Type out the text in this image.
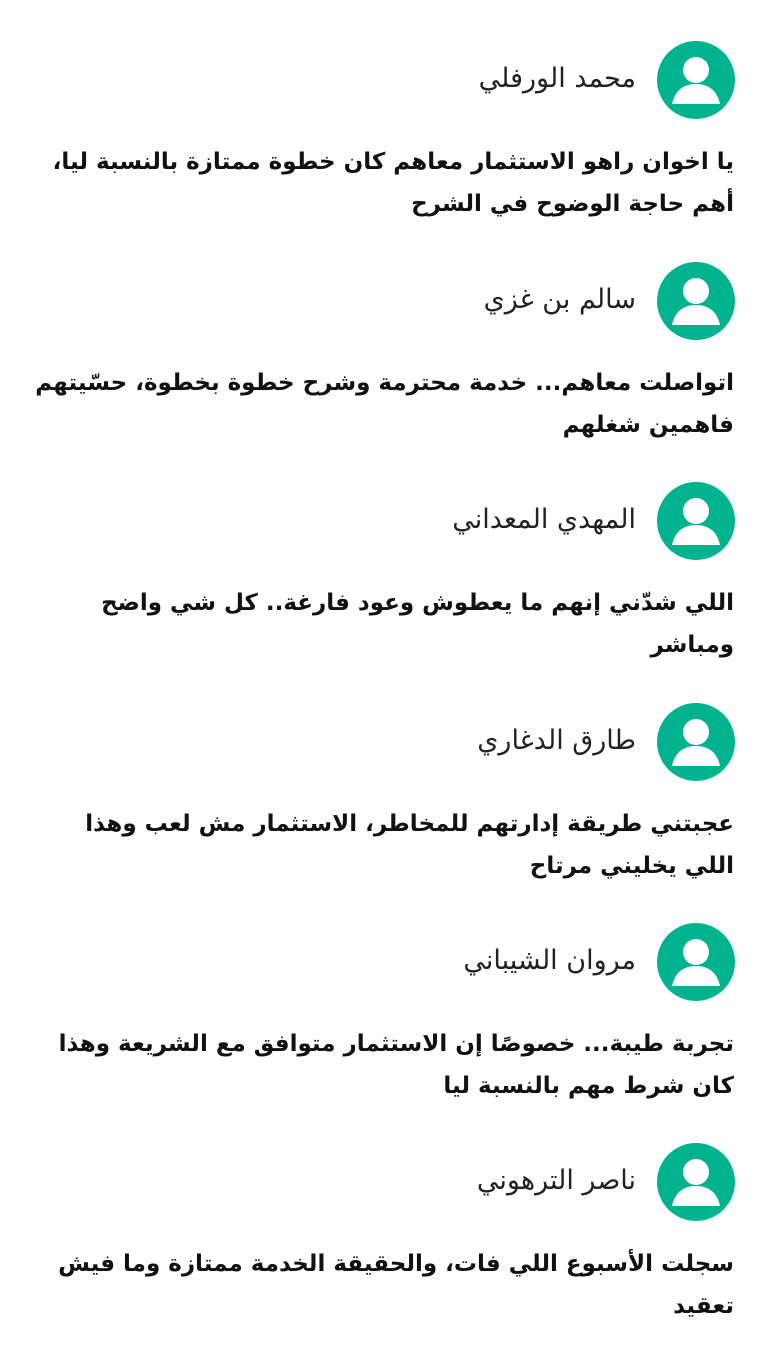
محمد الورفلي
يا اخوان راهو الاستثمار معاهم كان خطوة ممتازة بالنسبة ليا، أهم حاجة الوضوح في الشرح
سالم بن غزي
اتواصلت معاهم... خدمة محترمة وشرح خطوة بخطوة، حسّيتهم فاهمين شغلهم
المهدي المعداني
اللي شدّني إنهم ما يعطوش وعود فارغة.. كل شي واضح ومباشر
طارق الدغاري
عجبتني طريقة إدارتهم للمخاطر، الاستثمار مش لعب وهذا اللي يخليني مرتاح
مروان الشيباني
تجربة طيبة... خصوصًا إن الاستثمار متوافق مع الشريعة وهذا كان شرط مهم بالنسبة ليا
ناصر الترهوني
سجلت الأسبوع اللي فات، والحقيقة الخدمة ممتازة وما فيش تعقيد
